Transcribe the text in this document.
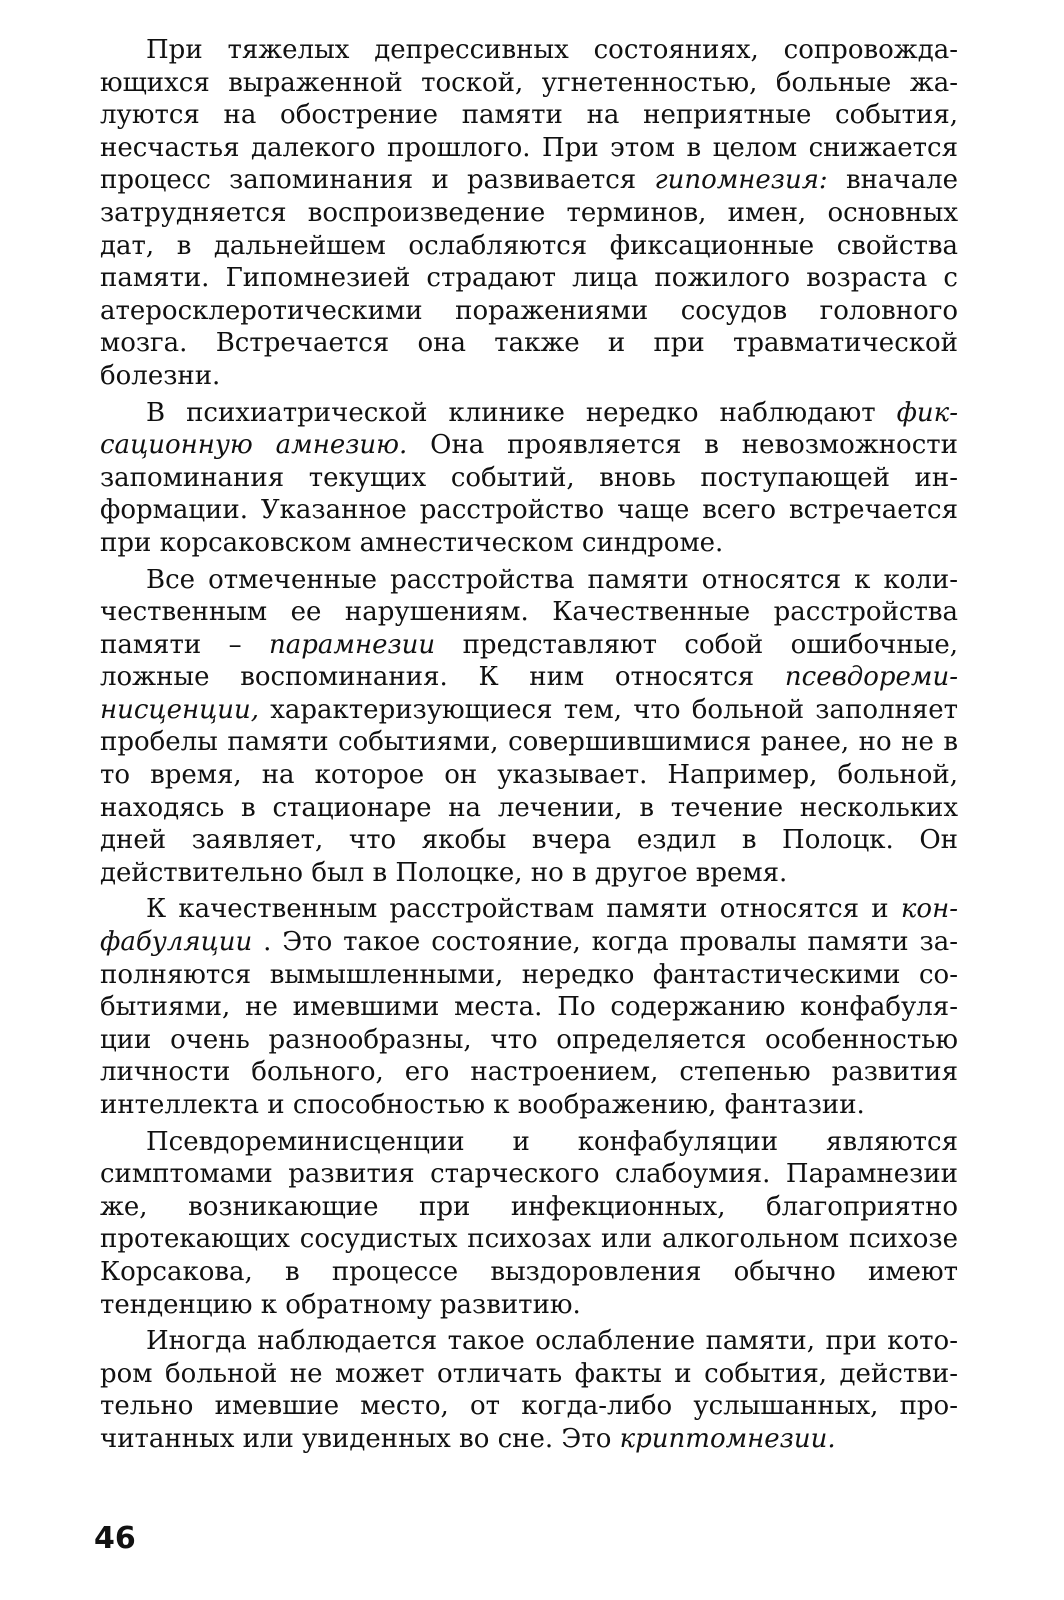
При тяжелых депрессивных состояниях, сопровождающихся выраженной тоской, угнетенностью, больные жалуются на обострение памяти на неприятные события, несчастья далекого прошлого. При этом в целом снижается процесс запоминания и развивается гипомнезия: вначале затрудняется воспроизведение терминов, имен, основных дат, в дальнейшем ослабляются фиксационные свойства памяти. Гипомнезией страдают лица пожилого возраста с атеросклеротическими поражениями сосудов головного мозга. Встречается она также и при травматической болезни.

В психиатрической клинике нередко наблюдают фиксационную амнезию. Она проявляется в невозможности запоминания текущих событий, вновь поступающей информации. Указанное расстройство чаще всего встречается при корсаковском амнестическом синдроме.

Все отмеченные расстройства памяти относятся к количественным ее нарушениям. Качественные расстройства памяти – парамнезии представляют собой ошибочные, ложные воспоминания. К ним относятся псевдореминисценции, характеризующиеся тем, что больной заполняет пробелы памяти событиями, совершившимися ранее, но не в то время, на которое он указывает. Например, больной, находясь в стационаре на лечении, в течение нескольких дней заявляет, что якобы вчера ездил в Полоцк. Он действительно был в Полоцке, но в другое время.

К качественным расстройствам памяти относятся и конфабуляции . Это такое состояние, когда провалы памяти заполняются вымышленными, нередко фантастическими событиями, не имевшими места. По содержанию конфабуляции очень разнообразны, что определяется особенностью личности больного, его настроением, степенью развития интеллекта и способностью к воображению, фантазии.

Псевдореминисценции и конфабуляции являются симптомами развития старческого слабоумия. Парамнезии же, возникающие при инфекционных, благоприятно протекающих сосудистых психозах или алкогольном психозе Корсакова, в процессе выздоровления обычно имеют тенденцию к обратному развитию.

Иногда наблюдается такое ослабление памяти, при котором больной не может отличать факты и события, действительно имевшие место, от когда-либо услышанных, прочитанных или увиденных во сне. Это криптомнезии.

46
